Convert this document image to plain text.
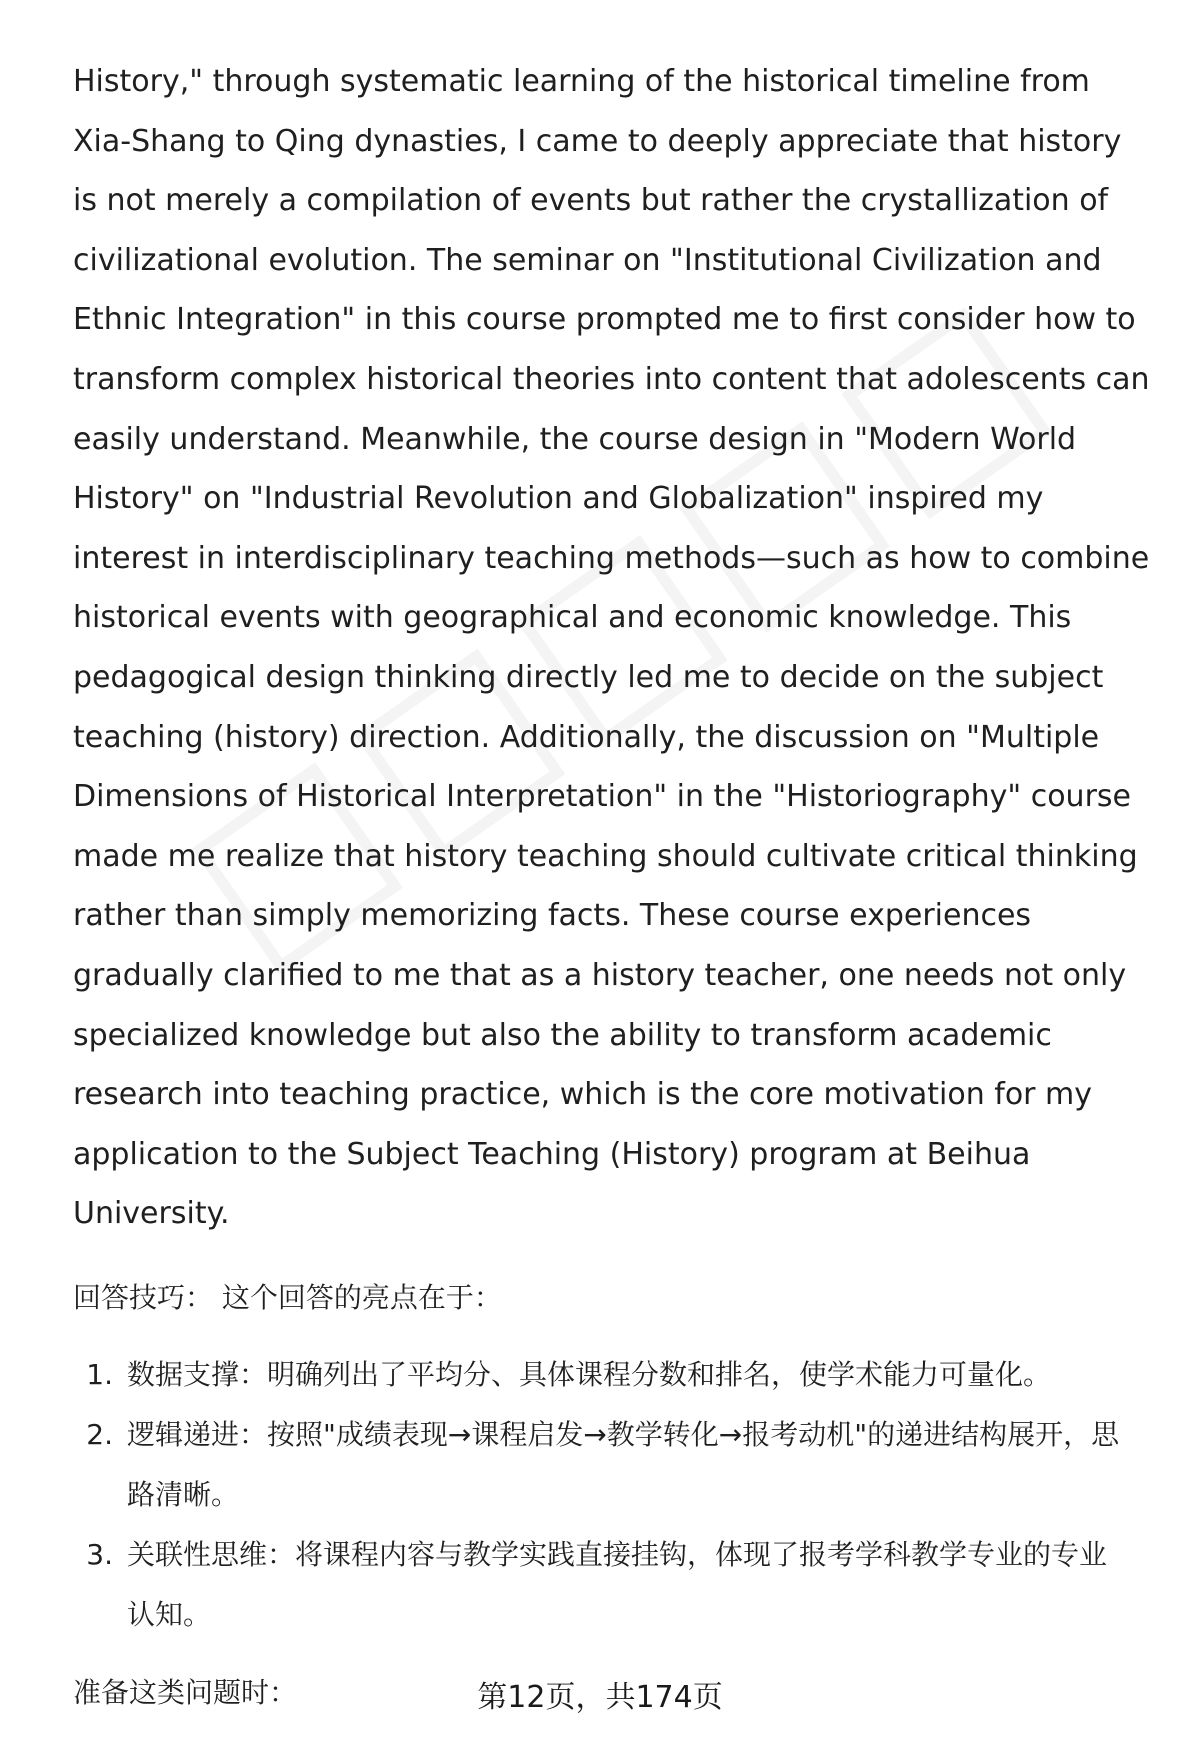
History," through systematic learning of the historical timeline from Xia-Shang to Qing dynasties, I came to deeply appreciate that history is not merely a compilation of events but rather the crystallization of civilizational evolution. The seminar on "Institutional Civilization and Ethnic Integration" in this course prompted me to first consider how to transform complex historical theories into content that adolescents can easily understand. Meanwhile, the course design in "Modern World History" on "Industrial Revolution and Globalization" inspired my interest in interdisciplinary teaching methods—such as how to combine historical events with geographical and economic knowledge. This pedagogical design thinking directly led me to decide on the subject teaching (history) direction. Additionally, the discussion on "Multiple Dimensions of Historical Interpretation" in the "Historiography" course made me realize that history teaching should cultivate critical thinking rather than simply memorizing facts. These course experiences gradually clarified to me that as a history teacher, one needs not only specialized knowledge but also the ability to transform academic research into teaching practice, which is the core motivation for my application to the Subject Teaching (History) program at Beihua University.

回答技巧： 这个回答的亮点在于：

1. 数据支撑：明确列出了平均分、具体课程分数和排名，使学术能力可量化。
2. 逻辑递进：按照"成绩表现→课程启发→教学转化→报考动机"的递进结构展开，思路清晰。
3. 关联性思维：将课程内容与教学实践直接挂钩，体现了报考学科教学专业的专业认知。

准备这类问题时：	第12页，共174页
